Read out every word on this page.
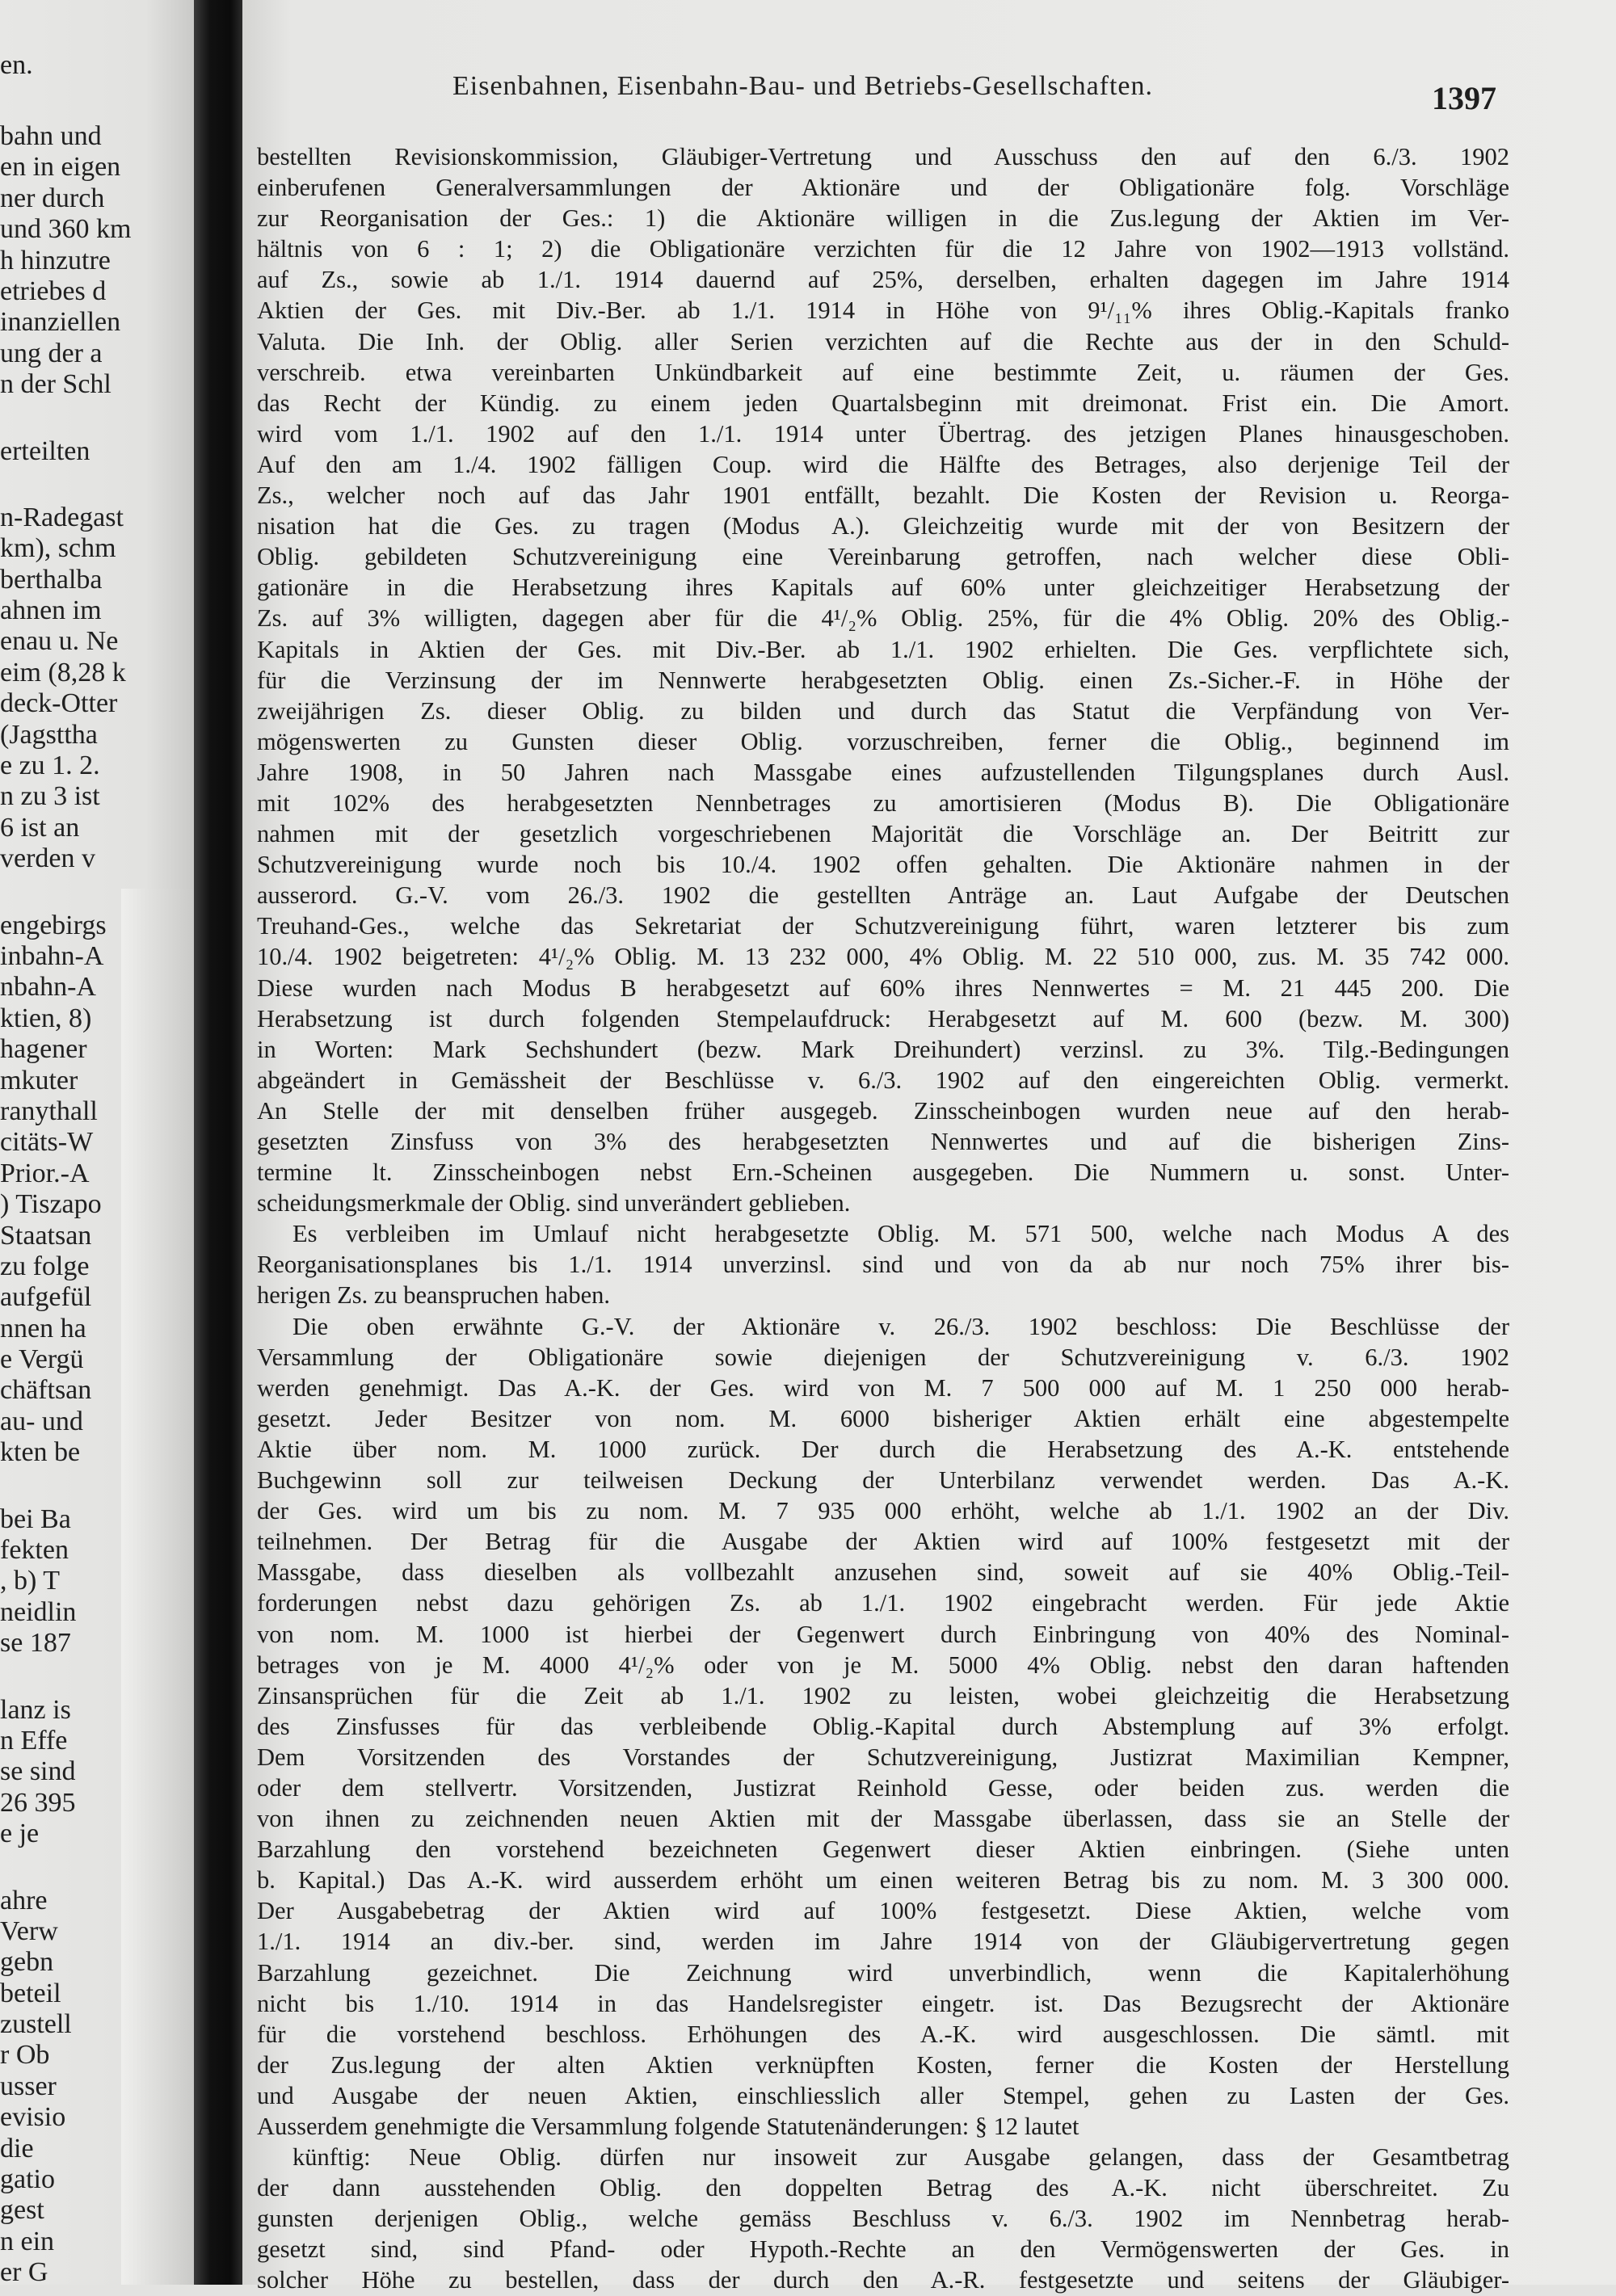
en.
bahn und
en in eigen
ner durch
und 360 km
h hinzutre
etriebes d
inanziellen
ung der a
n der Schl
erteilten
n-Radegast
km), schm
berthalba
ahnen im
enau u. Ne
eim (8,28 k
deck-Otter
(Jagsttha
e zu 1. 2.
n zu 3 ist
6 ist an
verden v
engebirgs
inbahn-A
nbahn-A
ktien, 8)
hagener
mkuter
ranythall
citäts-W
Prior.-A
) Tiszapo
Staatsan
zu folge
aufgefül
nnen ha
e Vergü
chäftsan
au- und
kten be
bei Ba
fekten
, b) T
neidlin
se 187
lanz is
n Effe
se sind
26 395
e je
ahre
Verw
gebn
beteil
zustell
r Ob
usser
evisio
die
gatio
gest
n ein
er G
Eisenbahnen, Eisenbahn-Bau- und Betriebs-Gesellschaften.	1397
bestellten Revisionskommission, Gläubiger-Vertretung und Ausschuss den auf den 6./3. 1902
einberufenen Generalversammlungen der Aktionäre und der Obligationäre folg. Vorschläge
zur Reorganisation der Ges.: 1) die Aktionäre willigen in die Zus.legung der Aktien im Ver-
hältnis von 6 : 1; 2) die Obligationäre verzichten für die 12 Jahre von 1902—1913 vollständ.
auf Zs., sowie ab 1./1. 1914 dauernd auf 25%, derselben, erhalten dagegen im Jahre 1914
Aktien der Ges. mit Div.-Ber. ab 1./1. 1914 in Höhe von 9¹/₁₁% ihres Oblig.-Kapitals franko
Valuta. Die Inh. der Oblig. aller Serien verzichten auf die Rechte aus der in den Schuld-
verschreib. etwa vereinbarten Unkündbarkeit auf eine bestimmte Zeit, u. räumen der Ges.
das Recht der Kündig. zu einem jeden Quartalsbeginn mit dreimonat. Frist ein. Die Amort.
wird vom 1./1. 1902 auf den 1./1. 1914 unter Übertrag. des jetzigen Planes hinausgeschoben.
Auf den am 1./4. 1902 fälligen Coup. wird die Hälfte des Betrages, also derjenige Teil der
Zs., welcher noch auf das Jahr 1901 entfällt, bezahlt. Die Kosten der Revision u. Reorga-
nisation hat die Ges. zu tragen (Modus A.). Gleichzeitig wurde mit der von Besitzern der
Oblig. gebildeten Schutzvereinigung eine Vereinbarung getroffen, nach welcher diese Obli-
gationäre in die Herabsetzung ihres Kapitals auf 60% unter gleichzeitiger Herabsetzung der
Zs. auf 3% willigten, dagegen aber für die 4¹/₂% Oblig. 25%, für die 4% Oblig. 20% des Oblig.-
Kapitals in Aktien der Ges. mit Div.-Ber. ab 1./1. 1902 erhielten. Die Ges. verpflichtete sich,
für die Verzinsung der im Nennwerte herabgesetzten Oblig. einen Zs.-Sicher.-F. in Höhe der
zweijährigen Zs. dieser Oblig. zu bilden und durch das Statut die Verpfändung von Ver-
mögenswerten zu Gunsten dieser Oblig. vorzuschreiben, ferner die Oblig., beginnend im
Jahre 1908, in 50 Jahren nach Massgabe eines aufzustellenden Tilgungsplanes durch Ausl.
mit 102% des herabgesetzten Nennbetrages zu amortisieren (Modus B). Die Obligationäre
nahmen mit der gesetzlich vorgeschriebenen Majorität die Vorschläge an. Der Beitritt zur
Schutzvereinigung wurde noch bis 10./4. 1902 offen gehalten. Die Aktionäre nahmen in der
ausserord. G.-V. vom 26./3. 1902 die gestellten Anträge an. Laut Aufgabe der Deutschen
Treuhand-Ges., welche das Sekretariat der Schutzvereinigung führt, waren letzterer bis zum
10./4. 1902 beigetreten: 4¹/₂% Oblig. M. 13 232 000, 4% Oblig. M. 22 510 000, zus. M. 35 742 000.
Diese wurden nach Modus B herabgesetzt auf 60% ihres Nennwertes = M. 21 445 200. Die
Herabsetzung ist durch folgenden Stempelaufdruck: Herabgesetzt auf M. 600 (bezw. M. 300)
in Worten: Mark Sechshundert (bezw. Mark Dreihundert) verzinsl. zu 3%. Tilg.-Bedingungen
abgeändert in Gemässheit der Beschlüsse v. 6./3. 1902 auf den eingereichten Oblig. vermerkt.
An Stelle der mit denselben früher ausgegeb. Zinsscheinbogen wurden neue auf den herab-
gesetzten Zinsfuss von 3% des herabgesetzten Nennwertes und auf die bisherigen Zins-
termine lt. Zinsscheinbogen nebst Ern.-Scheinen ausgegeben. Die Nummern u. sonst. Unter-
scheidungsmerkmale der Oblig. sind unverändert geblieben.
Es verbleiben im Umlauf nicht herabgesetzte Oblig. M. 571 500, welche nach Modus A des
Reorganisationsplanes bis 1./1. 1914 unverzinsl. sind und von da ab nur noch 75% ihrer bis-
herigen Zs. zu beanspruchen haben.
Die oben erwähnte G.-V. der Aktionäre v. 26./3. 1902 beschloss: Die Beschlüsse der
Versammlung der Obligationäre sowie diejenigen der Schutzvereinigung v. 6./3. 1902
werden genehmigt. Das A.-K. der Ges. wird von M. 7 500 000 auf M. 1 250 000 herab-
gesetzt. Jeder Besitzer von nom. M. 6000 bisheriger Aktien erhält eine abgestempelte
Aktie über nom. M. 1000 zurück. Der durch die Herabsetzung des A.-K. entstehende
Buchgewinn soll zur teilweisen Deckung der Unterbilanz verwendet werden. Das A.-K.
der Ges. wird um bis zu nom. M. 7 935 000 erhöht, welche ab 1./1. 1902 an der Div.
teilnehmen. Der Betrag für die Ausgabe der Aktien wird auf 100% festgesetzt mit der
Massgabe, dass dieselben als vollbezahlt anzusehen sind, soweit auf sie 40% Oblig.-Teil-
forderungen nebst dazu gehörigen Zs. ab 1./1. 1902 eingebracht werden. Für jede Aktie
von nom. M. 1000 ist hierbei der Gegenwert durch Einbringung von 40% des Nominal-
betrages von je M. 4000 4¹/₂% oder von je M. 5000 4% Oblig. nebst den daran haftenden
Zinsansprüchen für die Zeit ab 1./1. 1902 zu leisten, wobei gleichzeitig die Herabsetzung
des Zinsfusses für das verbleibende Oblig.-Kapital durch Abstemplung auf 3% erfolgt.
Dem Vorsitzenden des Vorstandes der Schutzvereinigung, Justizrat Maximilian Kempner,
oder dem stellvertr. Vorsitzenden, Justizrat Reinhold Gesse, oder beiden zus. werden die
von ihnen zu zeichnenden neuen Aktien mit der Massgabe überlassen, dass sie an Stelle der
Barzahlung den vorstehend bezeichneten Gegenwert dieser Aktien einbringen. (Siehe unten
b. Kapital.) Das A.-K. wird ausserdem erhöht um einen weiteren Betrag bis zu nom. M. 3 300 000.
Der Ausgabebetrag der Aktien wird auf 100% festgesetzt. Diese Aktien, welche vom
1./1. 1914 an div.-ber. sind, werden im Jahre 1914 von der Gläubigervertretung gegen
Barzahlung gezeichnet. Die Zeichnung wird unverbindlich, wenn die Kapitalerhöhung
nicht bis 1./10. 1914 in das Handelsregister eingetr. ist. Das Bezugsrecht der Aktionäre
für die vorstehend beschloss. Erhöhungen des A.-K. wird ausgeschlossen. Die sämtl. mit
der Zus.legung der alten Aktien verknüpften Kosten, ferner die Kosten der Herstellung
und Ausgabe der neuen Aktien, einschliesslich aller Stempel, gehen zu Lasten der Ges.
Ausserdem genehmigte die Versammlung folgende Statutenänderungen: § 12 lautet
künftig: Neue Oblig. dürfen nur insoweit zur Ausgabe gelangen, dass der Gesamtbetrag
der dann ausstehenden Oblig. den doppelten Betrag des A.-K. nicht überschreitet. Zu
gunsten derjenigen Oblig., welche gemäss Beschluss v. 6./3. 1902 im Nennbetrag herab-
gesetzt sind, sind Pfand- oder Hypoth.-Rechte an den Vermögenswerten der Ges. in
solcher Höhe zu bestellen, dass der durch den A.-R. festgesetzte und seitens der Gläubiger-
